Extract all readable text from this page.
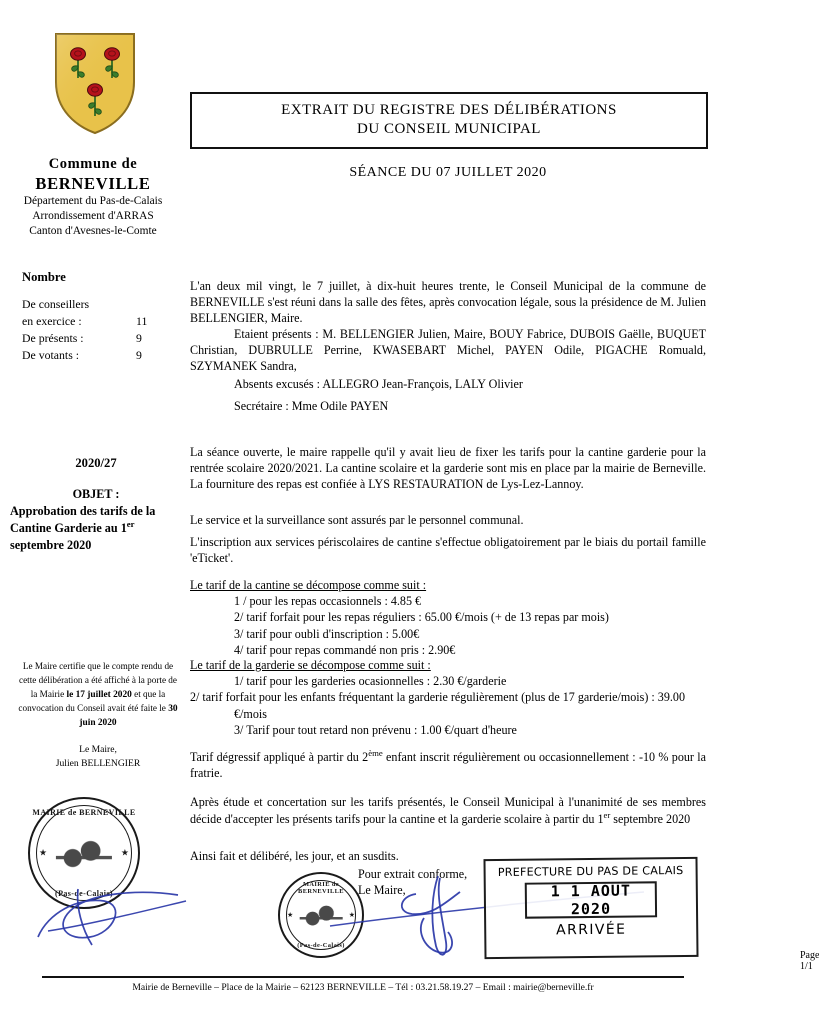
Commune de
BERNEVILLE
Département du Pas-de-Calais
Arrondissement d'ARRAS
Canton d'Avesnes-le-Comte
Nombre
De conseillers
en exercice :	11
De présents :	9
De votants :	9
2020/27
OBJET :
Approbation des tarifs de la Cantine Garderie au 1er septembre 2020
Le Maire certifie que le compte rendu de cette délibération a été affiché à la porte de la Mairie le 17 juillet 2020 et que la convocation du Conseil avait été faite le 30 juin 2020
Le Maire,
Julien BELLENGIER
MAIRIE de BERNEVILLE
★	★
(Pas-de-Calais)
EXTRAIT DU REGISTRE DES DÉLIBÉRATIONS
DU CONSEIL MUNICIPAL
SÉANCE DU 07 JUILLET 2020
L'an deux mil vingt, le 7 juillet, à dix-huit heures trente, le Conseil Municipal de la commune de BERNEVILLE s'est réuni dans la salle des fêtes, après convocation légale, sous la présidence de M. Julien BELLENGIER, Maire.
Etaient présents : M. BELLENGIER Julien, Maire, BOUY Fabrice, DUBOIS Gaëlle, BUQUET Christian, DUBRULLE Perrine, KWASEBART Michel, PAYEN Odile, PIGACHE Romuald, SZYMANEK Sandra,
Absents excusés : ALLEGRO Jean-François, LALY Olivier
Secrétaire : Mme Odile PAYEN
La séance ouverte, le maire rappelle qu'il y avait lieu de fixer les tarifs pour la cantine garderie pour la rentrée scolaire 2020/2021. La cantine scolaire et la garderie sont mis en place par la mairie de Berneville. La fourniture des repas est confiée à LYS RESTAURATION de Lys-Lez-Lannoy.
Le service et la surveillance sont assurés par le personnel communal.
L'inscription aux services périscolaires de cantine s'effectue obligatoirement par le biais du portail famille 'eTicket'.
Le tarif de la cantine se décompose comme suit :
1 / pour les repas occasionnels : 4.85 €
2/ tarif forfait pour les repas réguliers : 65.00 €/mois (+ de 13 repas par mois)
3/ tarif pour oubli d'inscription : 5.00€
4/ tarif pour repas commandé non pris : 2.90€
Le tarif de la garderie se décompose comme suit :
1/ tarif pour les garderies ocasionnelles : 2.30 €/garderie
2/ tarif forfait pour les enfants fréquentant la garderie régulièrement (plus de 17 garderie/mois) : 39.00 €/mois
3/ Tarif pour tout retard non prévenu : 1.00 €/quart d'heure
Tarif dégressif appliqué à partir du 2ème enfant inscrit régulièrement ou occasionnellement : -10 % pour la fratrie.
Après étude et concertation sur les tarifs présentés, le Conseil Municipal à l'unanimité de ses membres décide d'accepter les présents tarifs pour la cantine et la garderie scolaire à partir du 1er septembre 2020
Ainsi fait et délibéré, les jour, et an susdits.
Pour extrait conforme,
Le Maire,
Page 1/1
MAIRIE de BERNEVILLE
★	★
(Pas-de-Calais)
PREFECTURE DU PAS DE CALAIS
1 1 AOUT 2020
ARRIVÉE
Mairie de Berneville – Place de la Mairie – 62123 BERNEVILLE – Tél : 03.21.58.19.27 – Email : mairie@berneville.fr
